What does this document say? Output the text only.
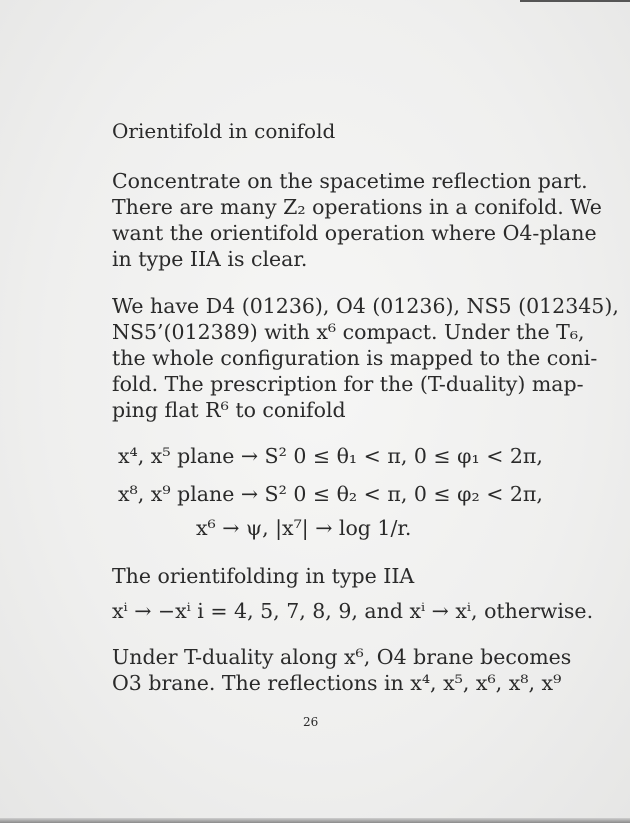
Orientifold in conifold
Concentrate on the spacetime reflection part.
There are many Z₂ operations in a conifold. We
want the orientifold operation where O4-plane
in type IIA is clear.
We have D4 (01236), O4 (01236), NS5 (012345),
NS5’(012389) with x⁶ compact. Under the T₆,
the whole configuration is mapped to the coni-
fold. The prescription for the (T-duality) map-
ping flat R⁶ to conifold
x⁴, x⁵ plane → S² 0 ≤ θ₁ < π, 0 ≤ φ₁ < 2π,
x⁸, x⁹ plane → S² 0 ≤ θ₂ < π, 0 ≤ φ₂ < 2π,
x⁶ → ψ, |x⁷| → log 1/r.
The orientifolding in type IIA
xⁱ → −xⁱ i = 4, 5, 7, 8, 9, and xⁱ → xⁱ, otherwise.
Under T-duality along x⁶, O4 brane becomes
O3 brane. The reflections in x⁴, x⁵, x⁶, x⁸, x⁹
26
